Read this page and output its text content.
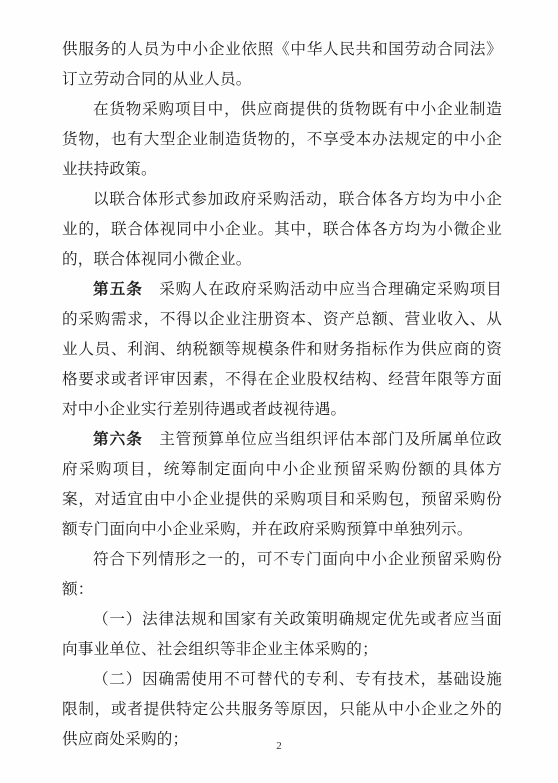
供服务的人员为中小企业依照《中华人民共和国劳动合同法》订立劳动合同的从业人员。

在货物采购项目中，供应商提供的货物既有中小企业制造货物，也有大型企业制造货物的，不享受本办法规定的中小企业扶持政策。

以联合体形式参加政府采购活动，联合体各方均为中小企业的，联合体视同中小企业。其中，联合体各方均为小微企业的，联合体视同小微企业。

第五条　采购人在政府采购活动中应当合理确定采购项目的采购需求，不得以企业注册资本、资产总额、营业收入、从业人员、利润、纳税额等规模条件和财务指标作为供应商的资格要求或者评审因素，不得在企业股权结构、经营年限等方面对中小企业实行差别待遇或者歧视待遇。

第六条　主管预算单位应当组织评估本部门及所属单位政府采购项目，统筹制定面向中小企业预留采购份额的具体方案，对适宜由中小企业提供的采购项目和采购包，预留采购份额专门面向中小企业采购，并在政府采购预算中单独列示。

符合下列情形之一的，可不专门面向中小企业预留采购份额：

（一）法律法规和国家有关政策明确规定优先或者应当面向事业单位、社会组织等非企业主体采购的；

（二）因确需使用不可替代的专利、专有技术，基础设施限制，或者提供特定公共服务等原因，只能从中小企业之外的供应商处采购的；	2
